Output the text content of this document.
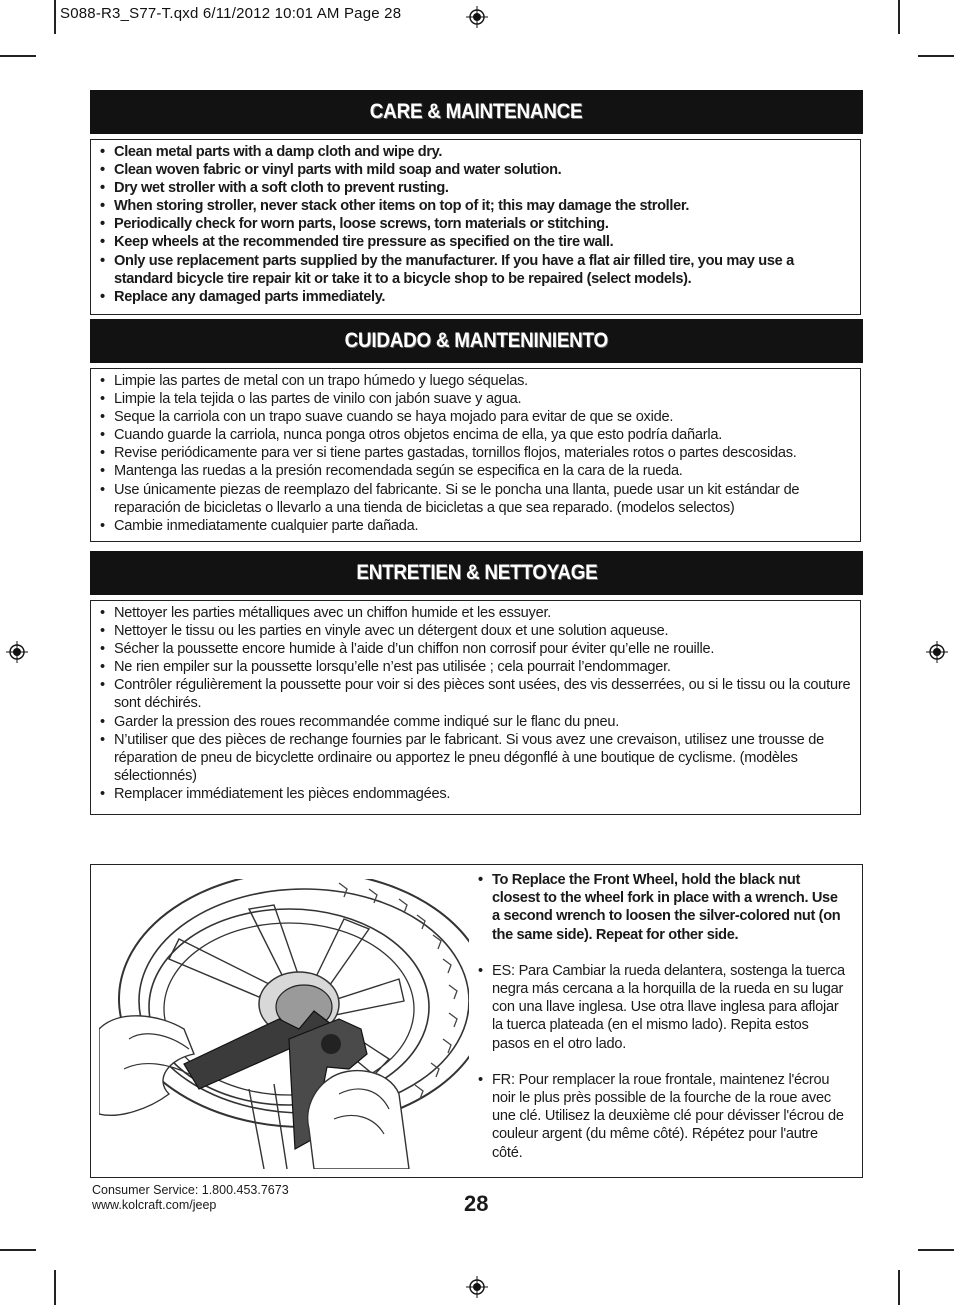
S088-R3_S77-T.qxd 6/11/2012 10:01 AM Page 28
CARE & MAINTENANCE
• Clean metal parts with a damp cloth and wipe dry.
• Clean woven fabric or vinyl parts with mild soap and water solution.
• Dry wet stroller with a soft cloth to prevent rusting.
• When storing stroller, never stack other items on top of it; this may damage the stroller.
• Periodically check for worn parts, loose screws, torn materials or stitching.
• Keep wheels at the recommended tire pressure as specified on the tire wall.
• Only use replacement parts supplied by the manufacturer. If you have a flat air filled tire, you may use a standard bicycle tire repair kit or take it to a bicycle shop to be repaired (select models).
• Replace any damaged parts immediately.
CUIDADO & MANTENINIENTO
• Limpie las partes de metal con un trapo húmedo y luego séquelas.
• Limpie la tela tejida o las partes de vinilo con jabón suave y agua.
• Seque la carriola con un trapo suave cuando se haya mojado para evitar de que se oxide.
• Cuando guarde la carriola, nunca ponga otros objetos encima de ella, ya que esto podría dañarla.
• Revise periódicamente para ver si tiene partes gastadas, tornillos flojos, materiales rotos o partes descosidas.
• Mantenga las ruedas a la presión recomendada según se especifica en la cara de la rueda.
• Use únicamente piezas de reemplazo del fabricante. Si se le poncha una llanta, puede usar un kit estándar de reparación de bicicletas o llevarlo a una tienda de bicicletas a que sea reparado. (modelos selectos)
• Cambie inmediatamente cualquier parte dañada.
ENTRETIEN & NETTOYAGE
• Nettoyer les parties métalliques avec un chiffon humide et les essuyer.
• Nettoyer le tissu ou les parties en vinyle avec un détergent doux et une solution aqueuse.
• Sécher la poussette encore humide à l’aide d’un chiffon non corrosif pour éviter qu’elle ne rouille.
• Ne rien empiler sur la poussette lorsqu’elle n’est pas utilisée ; cela pourrait l’endommager.
• Contrôler régulièrement la poussette pour voir si des pièces sont usées, des vis desserrées, ou si le tissu ou la couture sont déchirés.
• Garder la pression des roues recommandée comme indiqué sur le flanc du pneu.
• N’utiliser que des pièces de rechange fournies par le fabricant. Si vous avez une crevaison, utilisez une trousse de réparation de pneu de bicyclette ordinaire ou apportez le pneu dégonflé à une boutique de cyclisme. (modèles sélectionnés)
• Remplacer immédiatement les pièces endommagées.

• To Replace the Front Wheel, hold the black nut closest to the wheel fork in place with a wrench. Use a second wrench to loosen the silver-colored nut (on the same side). Repeat for other side.

• ES: Para Cambiar la rueda delantera, sostenga la tuerca negra más cercana a la horquilla de la rueda en su lugar con una llave inglesa. Use otra llave inglesa para aflojar la tuerca plateada (en el mismo lado). Repita estos pasos en el otro lado.

• FR: Pour remplacer la roue frontale, maintenez l'écrou noir le plus près possible de la fourche de la roue avec une clé. Utilisez la deuxième clé pour dévisser l'écrou de couleur argent (du même côté). Répétez pour l'autre côté.

Consumer Service: 1.800.453.7673
www.kolcraft.com/jeep	28
